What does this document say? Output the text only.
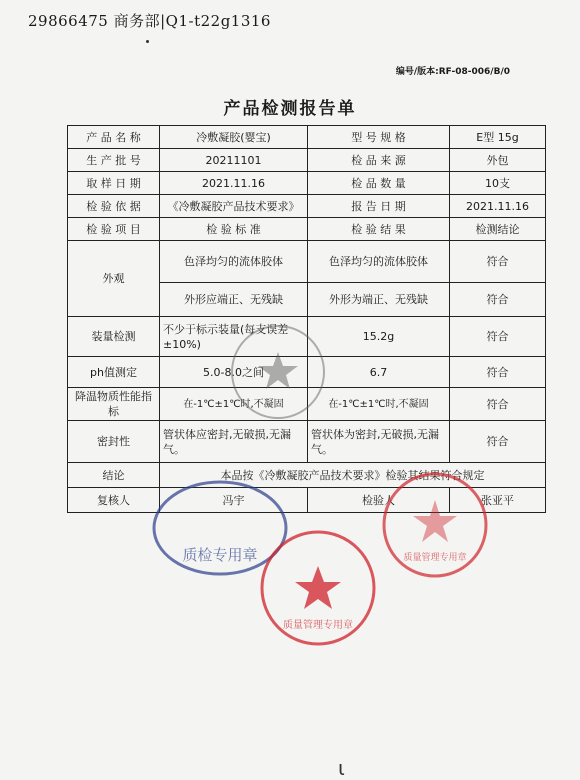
29866475 商务部|Q1-t22g1316
编号/版本:RF-08-006/B/0
产品检测报告单
产 品 名 称	冷敷凝胶(婴宝)	型 号 规 格	E型 15g
生 产 批 号	20211101	检 品 来 源	外包
取 样 日 期	2021.11.16	检 品 数 量	10支
检 验 依 据	《冷敷凝胶产品技术要求》	报 告 日 期	2021.11.16
检 验 项 目	检 验 标 准	检 验 结 果	检测结论
外观	色泽均匀的流体胶体	色泽均匀的流体胶体	符合
	外形应端正、无残缺	外形为端正、无残缺	符合
装量检测	不少于标示装量(每支误差±10%)	15.2g	符合
ph值测定	5.0-8.0之间	6.7	符合
降温物质性能指标	在-1℃±1℃时,不凝固	在-1℃±1℃时,不凝固	符合
密封性	管状体应密封,无破损,无漏气。	管状体为密封,无破损,无漏气。	符合
结论	本品按《冷敷凝胶产品技术要求》检验其结果符合规定		
复核人	冯宇	检验人	张亚平
质检专用章
质量管理专用章
质量管理专用章
ɩ
